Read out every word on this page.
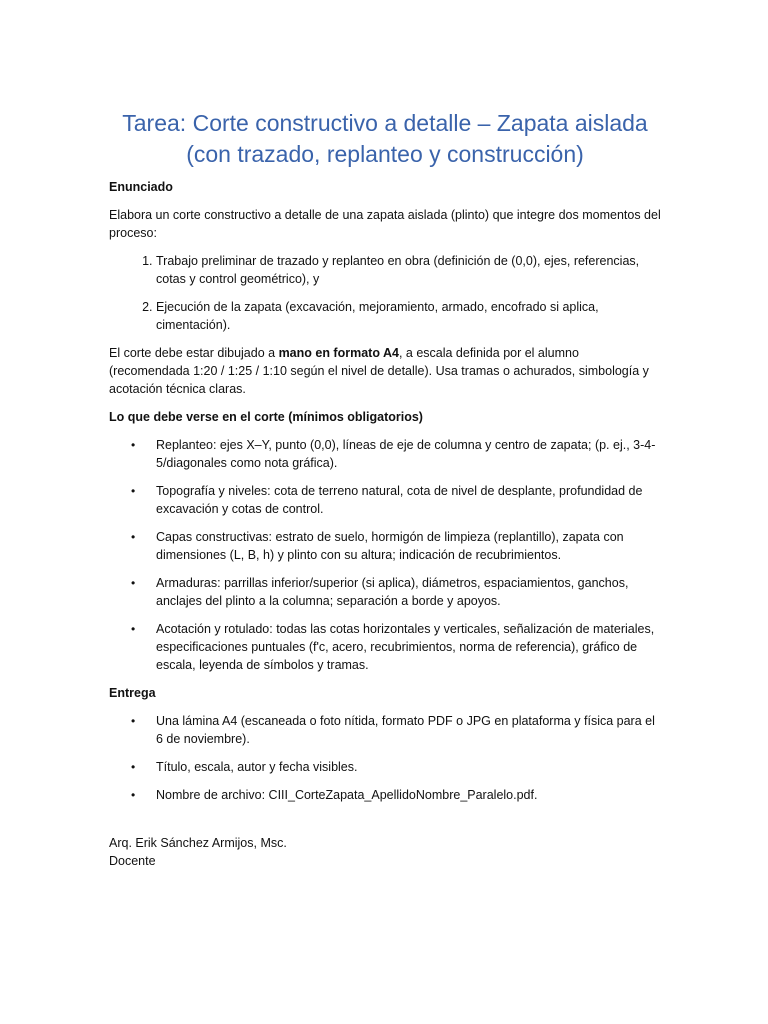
Tarea: Corte constructivo a detalle – Zapata aislada
(con trazado, replanteo y construcción)
Enunciado

Elabora un corte constructivo a detalle de una zapata aislada (plinto) que integre dos momentos del proceso:

1. Trabajo preliminar de trazado y replanteo en obra (definición de (0,0), ejes, referencias, cotas y control geométrico), y
2. Ejecución de la zapata (excavación, mejoramiento, armado, encofrado si aplica, cimentación).

El corte debe estar dibujado a mano en formato A4, a escala definida por el alumno (recomendada 1:20 / 1:25 / 1:10 según el nivel de detalle). Usa tramas o achurados, simbología y acotación técnica claras.

Lo que debe verse en el corte (mínimos obligatorios)
• Replanteo: ejes X–Y, punto (0,0), líneas de eje de columna y centro de zapata; (p. ej., 3-4-5/diagonales como nota gráfica).
• Topografía y niveles: cota de terreno natural, cota de nivel de desplante, profundidad de excavación y cotas de control.
• Capas constructivas: estrato de suelo, hormigón de limpieza (replantillo), zapata con dimensiones (L, B, h) y plinto con su altura; indicación de recubrimientos.
• Armaduras: parrillas inferior/superior (si aplica), diámetros, espaciamientos, ganchos, anclajes del plinto a la columna; separación a borde y apoyos.
• Acotación y rotulado: todas las cotas horizontales y verticales, señalización de materiales, especificaciones puntuales (f'c, acero, recubrimientos, norma de referencia), gráfico de escala, leyenda de símbolos y tramas.
Entrega
• Una lámina A4 (escaneada o foto nítida, formato PDF o JPG en plataforma y física para el 6 de noviembre).
• Título, escala, autor y fecha visibles.
• Nombre de archivo: CIII_CorteZapata_ApellidoNombre_Paralelo.pdf.
Arq. Erik Sánchez Armijos, Msc.
Docente
